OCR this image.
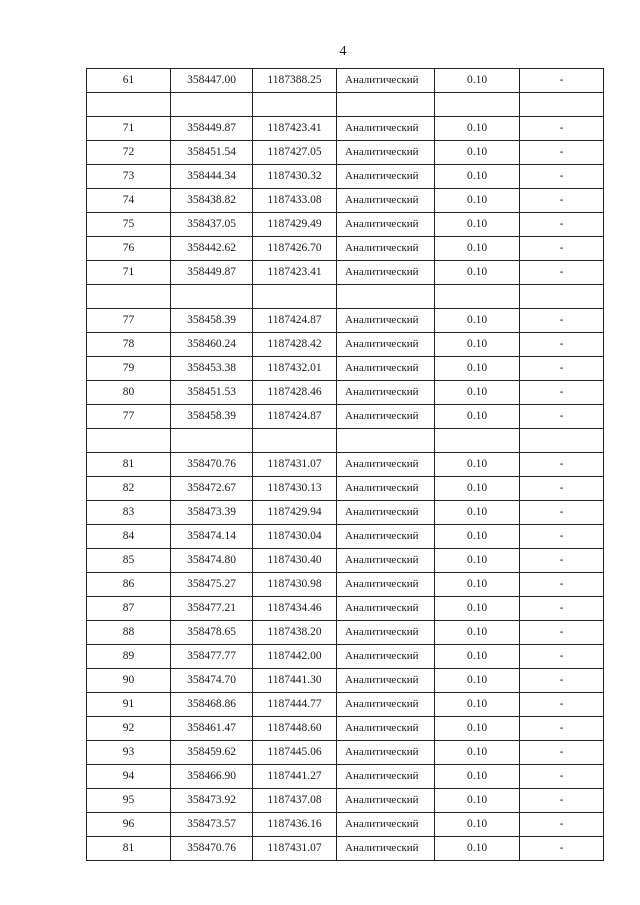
4
61	358447.00	1187388.25	Аналитический	0.10	-

71	358449.87	1187423.41	Аналитический	0.10	-
72	358451.54	1187427.05	Аналитический	0.10	-
73	358444.34	1187430.32	Аналитический	0.10	-
74	358438.82	1187433.08	Аналитический	0.10	-
75	358437.05	1187429.49	Аналитический	0.10	-
76	358442.62	1187426.70	Аналитический	0.10	-
71	358449.87	1187423.41	Аналитический	0.10	-

77	358458.39	1187424.87	Аналитический	0.10	-
78	358460.24	1187428.42	Аналитический	0.10	-
79	358453.38	1187432.01	Аналитический	0.10	-
80	358451.53	1187428.46	Аналитический	0.10	-
77	358458.39	1187424.87	Аналитический	0.10	-

81	358470.76	1187431.07	Аналитический	0.10	-
82	358472.67	1187430.13	Аналитический	0.10	-
83	358473.39	1187429.94	Аналитический	0.10	-
84	358474.14	1187430.04	Аналитический	0.10	-
85	358474.80	1187430.40	Аналитический	0.10	-
86	358475.27	1187430.98	Аналитический	0.10	-
87	358477.21	1187434.46	Аналитический	0.10	-
88	358478.65	1187438.20	Аналитический	0.10	-
89	358477.77	1187442.00	Аналитический	0.10	-
90	358474.70	1187441.30	Аналитический	0.10	-
91	358468.86	1187444.77	Аналитический	0.10	-
92	358461.47	1187448.60	Аналитический	0.10	-
93	358459.62	1187445.06	Аналитический	0.10	-
94	358466.90	1187441.27	Аналитический	0.10	-
95	358473.92	1187437.08	Аналитический	0.10	-
96	358473.57	1187436.16	Аналитический	0.10	-
81	358470.76	1187431.07	Аналитический	0.10	-
